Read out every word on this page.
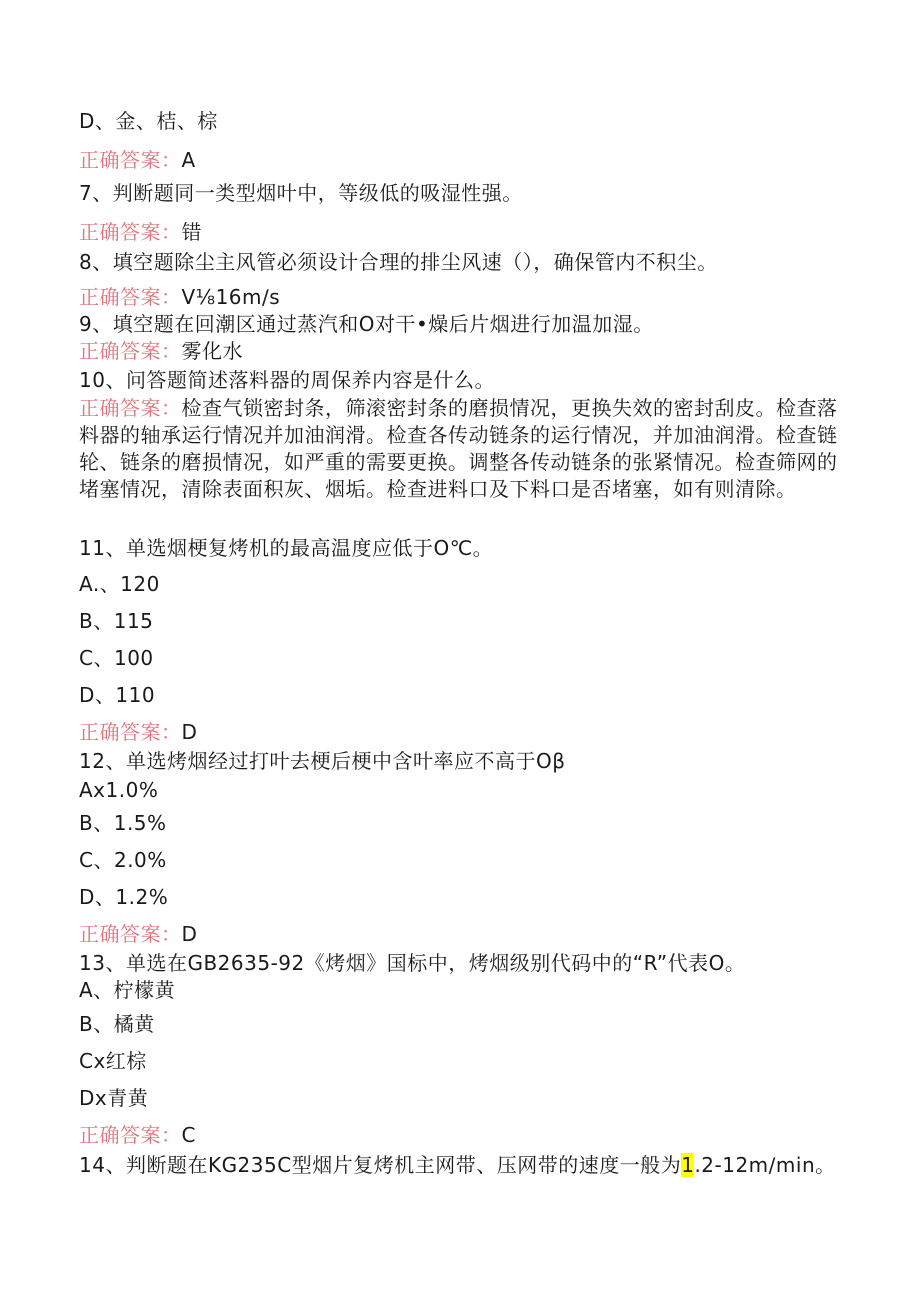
D、金、桔、棕
正确答案：A
7、判断题同一类型烟叶中，等级低的吸湿性强。
正确答案：错
8、填空题除尘主风管必须设计合理的排尘风速（），确保管内不积尘。
正确答案：V⅛16m∕s
9、填空题在回潮区通过蒸汽和O对干•燥后片烟进行加温加湿。
正确答案：雾化水
10、问答题简述落料器的周保养内容是什么。
正确答案：检查气锁密封条，筛滚密封条的磨损情况，更换失效的密封刮皮。检查落料器的轴承运行情况并加油润滑。检查各传动链条的运行情况，并加油润滑。检查链轮、链条的磨损情况，如严重的需要更换。调整各传动链条的张紧情况。检查筛网的堵塞情况，清除表面积灰、烟垢。检查进料口及下料口是否堵塞，如有则清除。
11、单选烟梗复烤机的最高温度应低于O℃。
A.、120
B、115
C、100
D、110
正确答案：D
12、单选烤烟经过打叶去梗后梗中含叶率应不高于Oβ
Ax1.0%
B、1.5%
C、2.0%
D、1.2%
正确答案：D
13、单选在GB2635-92《烤烟》国标中，烤烟级别代码中的“R”代表O。
A、柠檬黄
B、橘黄
Cx红棕
Dx青黄
正确答案：C
14、判断题在KG235C型烟片复烤机主网带、压网带的速度一般为1.2-12m∕min。
